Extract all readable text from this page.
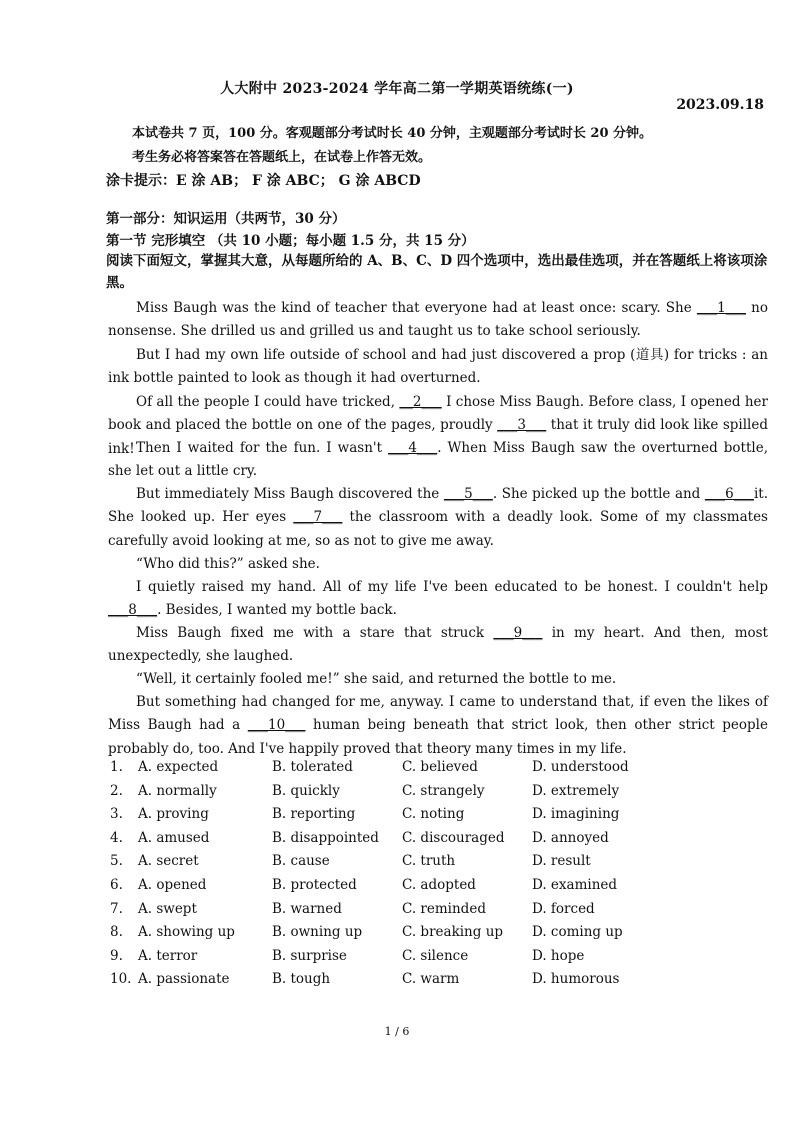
人大附中 2023-2024 学年高二第一学期英语统练(一)
2023.09.18
本试卷共 7 页，100 分。客观题部分考试时长 40 分钟，主观题部分考试时长 20 分钟。
考生务必将答案答在答题纸上，在试卷上作答无效。
涂卡提示：E 涂 AB； F 涂 ABC； G 涂 ABCD
第一部分：知识运用（共两节，30 分）
第一节 完形填空 （共 10 小题；每小题 1.5 分，共 15 分）
阅读下面短文，掌握其大意，从每题所给的 A、B、C、D 四个选项中，选出最佳选项，并在答题纸上将该项涂黑。
Miss Baugh was the kind of teacher that everyone had at least once: scary. She ___1___ no nonsense. She drilled us and grilled us and taught us to take school seriously.
But I had my own life outside of school and had just discovered a prop (道具) for tricks : an ink bottle painted to look as though it had overturned.
Of all the people I could have tricked, __2___ I chose Miss Baugh. Before class, I opened her book and placed the bottle on one of the pages, proudly ___3___ that it truly did look like spilled ink! Then I waited for the fun. I wasn't ___4___. When Miss Baugh saw the overturned bottle, she let out a little cry.
But immediately Miss Baugh discovered the ___5___. She picked up the bottle and ___6___it. She looked up. Her eyes ___7___ the classroom with a deadly look. Some of my classmates carefully avoid looking at me, so as not to give me away.
“Who did this?” asked she.
I quietly raised my hand. All of my life I've been educated to be honest. I couldn't help ___8___. Besides, I wanted my bottle back.
Miss Baugh fixed me with a stare that struck ___9___ in my heart. And then, most unexpectedly, she laughed.
“Well, it certainly fooled me!” she said, and returned the bottle to me.
But something had changed for me, anyway. I came to understand that, if even the likes of Miss Baugh had a ___10___ human being beneath that strict look, then other strict people probably do, too. And I've happily proved that theory many times in my life.
1. A. expected	B. tolerated	C. believed	D. understood
2. A. normally	B. quickly	C. strangely	D. extremely
3. A. proving	B. reporting	C. noting	D. imagining
4. A. amused	B. disappointed C. discouraged D. annoyed
5. A. secret	B. cause	C. truth	D. result
6. A. opened	B. protected	C. adopted	D. examined
7. A. swept	B. warned	C. reminded	D. forced
8. A. showing up	B. owning up	C. breaking up D. coming up
9. A. terror	B. surprise	C. silence	D. hope
10. A. passionate	B. tough	C. warm	D. humorous
1 / 6
